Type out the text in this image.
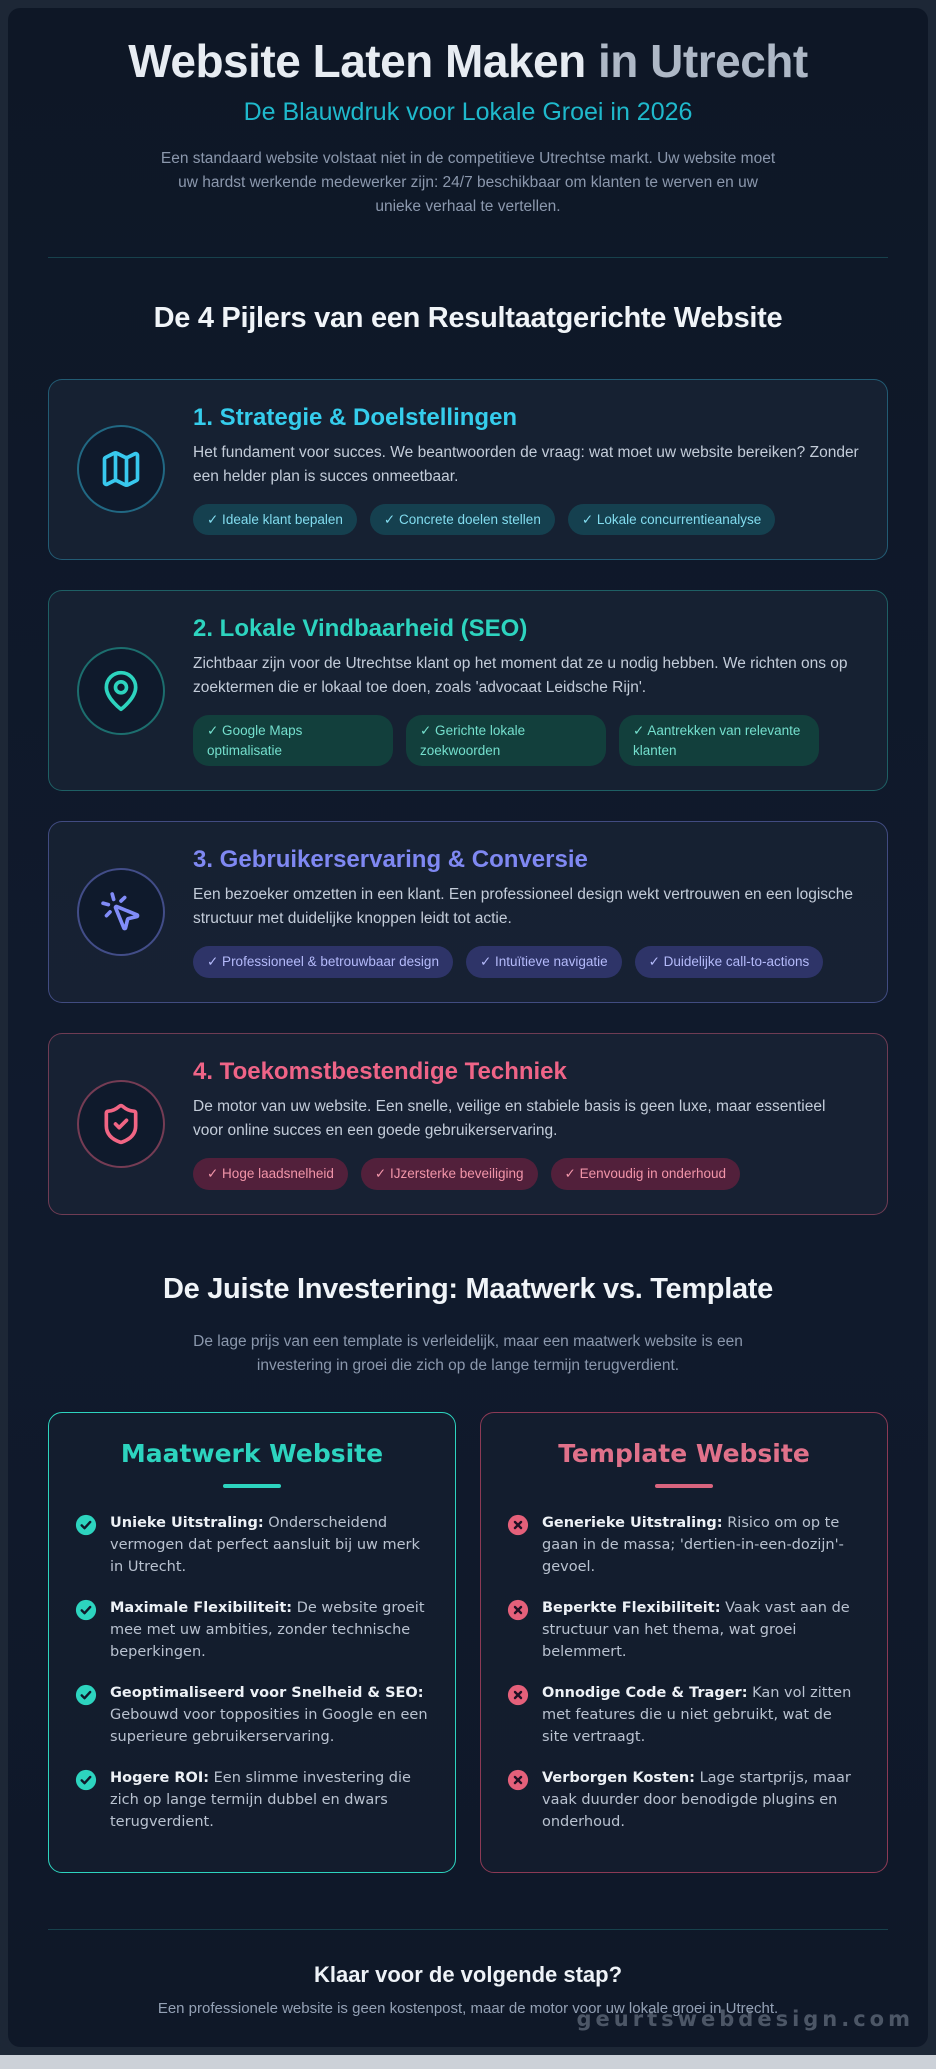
Website Laten Maken in Utrecht
De Blauwdruk voor Lokale Groei in 2026

Een standaard website volstaat niet in de competitieve Utrechtse markt. Uw website moet uw hardst werkende medewerker zijn: 24/7 beschikbaar om klanten te werven en uw unieke verhaal te vertellen.

De 4 Pijlers van een Resultaatgerichte Website
1. Strategie & Doelstellingen

Het fundament voor succes. We beantwoorden de vraag: wat moet uw website bereiken? Zonder een helder plan is succes onmeetbaar.

✓ Ideale klant bepalen	✓ Concrete doelen stellen	✓ Lokale concurrentieanalyse
2. Lokale Vindbaarheid (SEO)

Zichtbaar zijn voor de Utrechtse klant op het moment dat ze u nodig hebben. We richten ons op zoektermen die er lokaal toe doen, zoals 'advocaat Leidsche Rijn'.

✓ Google Maps optimalisatie
✓ Gerichte lokale zoekwoorden
✓ Aantrekken van relevante klanten
3. Gebruikerservaring & Conversie

Een bezoeker omzetten in een klant. Een professioneel design wekt vertrouwen en een logische structuur met duidelijke knoppen leidt tot actie.

✓ Professioneel & betrouwbaar design	✓ Intuïtieve navigatie	✓ Duidelijke call-to-actions
4. Toekomstbestendige Techniek

De motor van uw website. Een snelle, veilige en stabiele basis is geen luxe, maar essentieel voor online succes en een goede gebruikerservaring.

✓ Hoge laadsnelheid	✓ IJzersterke beveiliging	✓ Eenvoudig in onderhoud
De Juiste Investering: Maatwerk vs. Template

De lage prijs van een template is verleidelijk, maar een maatwerk website is een investering in groei die zich op de lange termijn terugverdient.

Maatwerk Website

Unieke Uitstraling: Onderscheidend vermogen dat perfect aansluit bij uw merk in Utrecht.

Maximale Flexibiliteit: De website groeit mee met uw ambities, zonder technische beperkingen.

Geoptimaliseerd voor Snelheid & SEO: Gebouwd voor topposities in Google en een superieure gebruikerservaring.

Hogere ROI: Een slimme investering die zich op lange termijn dubbel en dwars terugverdient.

Template Website

Generieke Uitstraling: Risico om op te gaan in de massa; 'dertien-in-een-dozijn'-gevoel.

Beperkte Flexibiliteit: Vaak vast aan de structuur van het thema, wat groei belemmert.

Onnodige Code & Trager: Kan vol zitten met features die u niet gebruikt, wat de site vertraagt.

Verborgen Kosten: Lage startprijs, maar vaak duurder door benodigde plugins en onderhoud.

Klaar voor de volgende stap?

Een professionele website is geen kostenpost, maar de motor voor uw lokale groei in Utrecht.

geurtswebdesign.com
